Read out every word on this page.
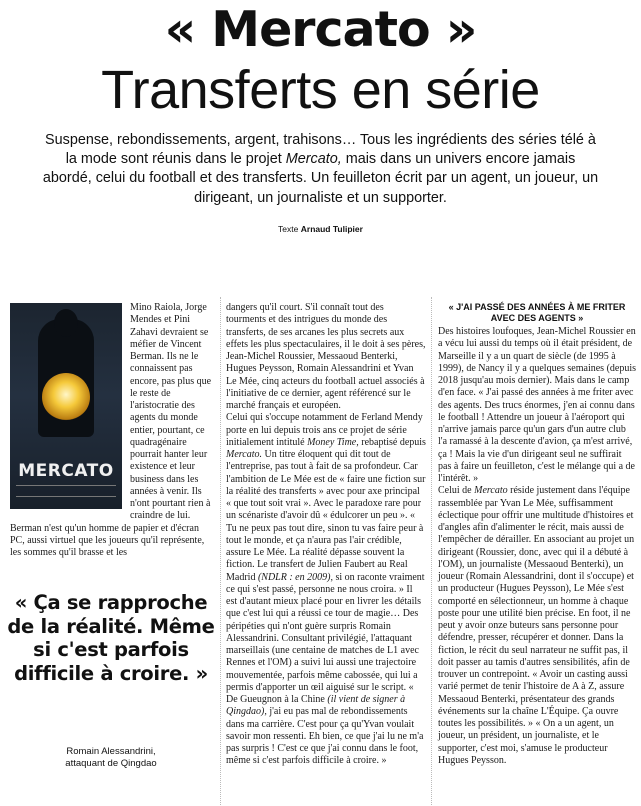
« Mercato »
Transferts en série

Suspense, rebondissements, argent, trahisons… Tous les ingrédients des séries télé à la mode sont réunis dans le projet Mercato, mais dans un univers encore jamais abordé, celui du football et des transferts. Un feuilleton écrit par un agent, un joueur, un dirigeant, un journaliste et un supporter.

Texte Arnaud Tulipier

MERCATO

Mino Raiola, Jorge Mendes et Pini Zahavi devraient se méfier de Vincent Berman. Ils ne le connaissent pas encore, pas plus que le reste de l'aristocratie des agents du monde entier, pourtant, ce quadragénaire pourrait hanter leur existence et leur business dans les années à venir. Ils n'ont pourtant rien à craindre de lui. Berman n'est qu'un homme de papier et d'écran PC, aussi virtuel que les joueurs qu'il représente, les sommes qu'il brasse et les

« Ça se rapproche de la réalité. Même si c'est parfois difficile à croire. »

Romain Alessandrini,
attaquant de Qingdao

dangers qu'il court. S'il connaît tout des tourments et des intrigues du monde des transferts, de ses arcanes les plus secrets aux effets les plus spectaculaires, il le doit à ses pères, Jean-Michel Roussier, Messaoud Benterki, Hugues Peysson, Romain Alessandrini et Yvan Le Mée, cinq acteurs du football actuel associés à l'initiative de ce dernier, agent référencé sur le marché français et européen.

Celui qui s'occupe notamment de Ferland Mendy porte en lui depuis trois ans ce projet de série initialement intitulé Money Time, rebaptisé depuis Mercato. Un titre éloquent qui dit tout de l'entreprise, pas tout à fait de sa profondeur. Car l'ambition de Le Mée est de « faire une fiction sur la réalité des transferts » avec pour axe principal « que tout soit vrai ». Avec le paradoxe rare pour un scénariste d'avoir dû « édulcorer un peu ». « Tu ne peux pas tout dire, sinon tu vas faire peur à tout le monde, et ça n'aura pas l'air crédible, assure Le Mée. La réalité dépasse souvent la fiction. Le transfert de Julien Faubert au Real Madrid (NDLR : en 2009), si on raconte vraiment ce qui s'est passé, personne ne nous croira. » Il est d'autant mieux placé pour en livrer les détails que c'est lui qui a réussi ce tour de magie… Des péripéties qui n'ont guère surpris Romain Alessandrini. Consultant privilégié, l'attaquant marseillais (une centaine de matches de L1 avec Rennes et l'OM) a suivi lui aussi une trajectoire mouvementée, parfois même cabossée, qui lui a permis d'apporter un œil aiguisé sur le script. « De Gueugnon à la Chine (il vient de signer à Qingdao), j'ai eu pas mal de rebondissements dans ma carrière. C'est pour ça qu'Yvan voulait savoir mon ressenti. Eh bien, ce que j'ai lu ne m'a pas surpris ! C'est ce que j'ai connu dans le foot, même si c'est parfois difficile à croire. »

« J'AI PASSÉ DES ANNÉES À ME FRITER AVEC DES AGENTS »

Des histoires loufoques, Jean-Michel Roussier en a vécu lui aussi du temps où il était président, de Marseille il y a un quart de siècle (de 1995 à 1999), de Nancy il y a quelques semaines (depuis 2018 jusqu'au mois dernier). Mais dans le camp d'en face. « J'ai passé des années à me friter avec des agents. Des trucs énormes, j'en ai connu dans le football ! Attendre un joueur à l'aéroport qui n'arrive jamais parce qu'un gars d'un autre club l'a ramassé à la descente d'avion, ça m'est arrivé, ça ! Mais la vie d'un dirigeant seul ne suffirait pas à faire un feuilleton, c'est le mélange qui a de l'intérêt. »

Celui de Mercato réside justement dans l'équipe rassemblée par Yvan Le Mée, suffisamment éclectique pour offrir une multitude d'histoires et d'angles afin d'alimenter le récit, mais aussi de l'empêcher de dérailler. En associant au projet un dirigeant (Roussier, donc, avec qui il a débuté à l'OM), un journaliste (Messaoud Benterki), un joueur (Romain Alessandrini, dont il s'occupe) et un producteur (Hugues Peysson), Le Mée s'est comporté en sélectionneur, un homme à chaque poste pour une utilité bien précise. En foot, il ne peut y avoir onze buteurs sans personne pour défendre, presser, récupérer et donner. Dans la fiction, le récit du seul narrateur ne suffit pas, il doit passer au tamis d'autres sensibilités, afin de trouver un contrepoint. « Avoir un casting aussi varié permet de tenir l'histoire de A à Z, assure Messaoud Benterki, présentateur des grands événements sur la chaîne L'Équipe. Ça ouvre toutes les possibilités. » « On a un agent, un joueur, un président, un journaliste, et le supporter, c'est moi, s'amuse le producteur Hugues Peysson.
